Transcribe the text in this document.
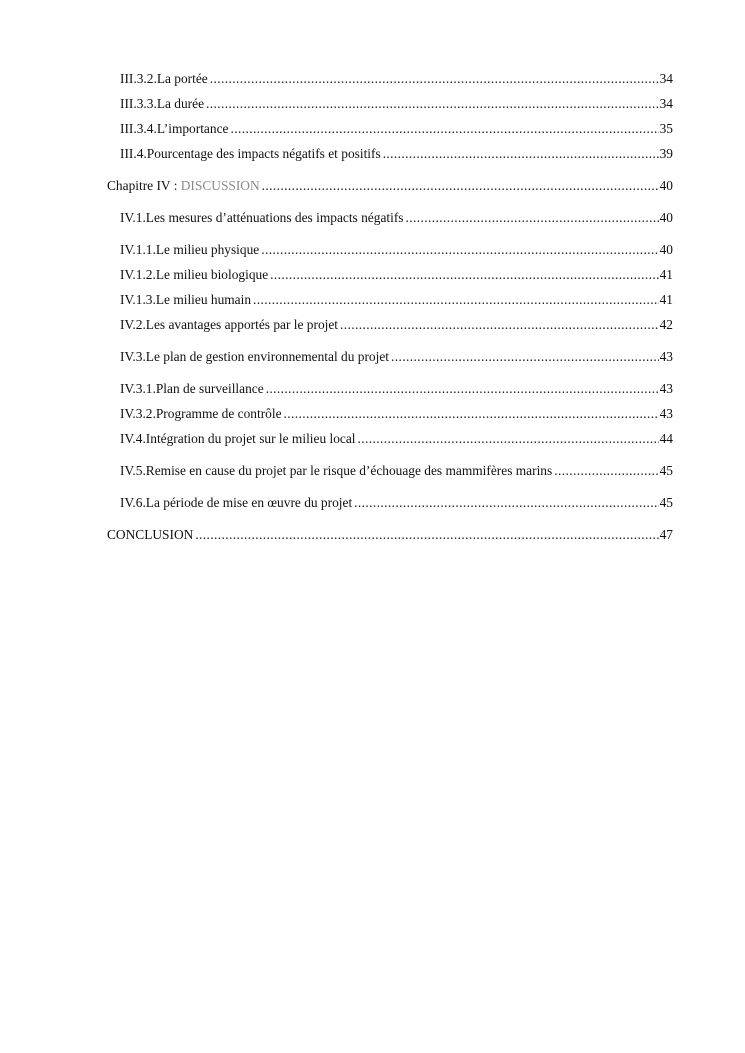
III.3.2. La portée .....	34
III.3.3. La durée .....	34
III.3.4. L’importance .....	35
III.4. Pourcentage des impacts négatifs et positifs .....	39
Chapitre IV : DISCUSSION .....	40
IV.1. Les mesures d’atténuations des impacts négatifs .....	40
IV.1.1. Le milieu physique .....	40
IV.1.2. Le milieu biologique .....	41
IV.1.3. Le milieu humain .....	41
IV.2. Les avantages apportés par le projet .....	42
IV.3. Le plan de gestion environnemental du projet .....	43
IV.3.1. Plan de surveillance .....	43
IV.3.2. Programme de contrôle .....	43
IV.4. Intégration du projet sur le milieu local .....	44
IV.5. Remise en cause du projet par le risque d’échouage des mammifères marins .....	45
IV.6. La période de mise en œuvre du projet .....	45
CONCLUSION .....	47
